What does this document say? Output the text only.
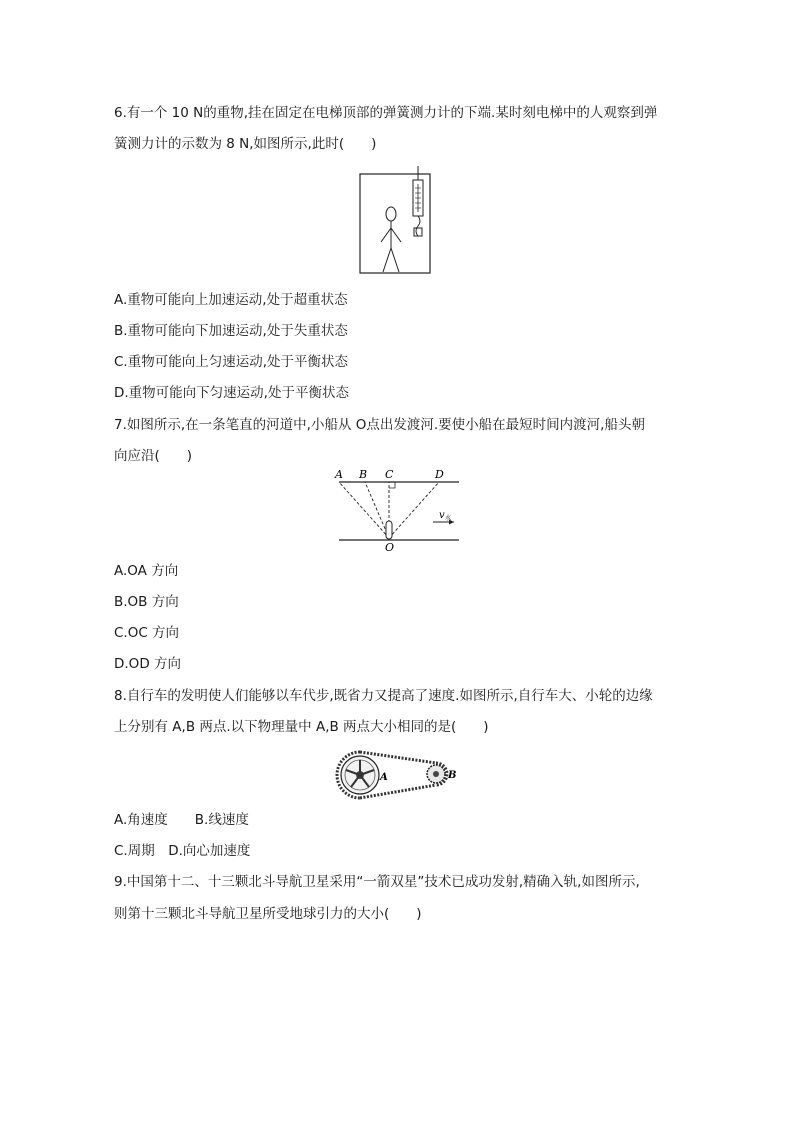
6.有一个 10 N的重物,挂在固定在电梯顶部的弹簧测力计的下端.某时刻电梯中的人观察到弹
簧测力计的示数为 8 N,如图所示,此时(　　)
A.重物可能向上加速运动,处于超重状态
B.重物可能向下加速运动,处于失重状态
C.重物可能向上匀速运动,处于平衡状态
D.重物可能向下匀速运动,处于平衡状态
7.如图所示,在一条笔直的河道中,小船从 O点出发渡河.要使小船在最短时间内渡河,船头朝
向应沿(　　)
A B C	D
O
v 水
A.OA 方向
B.OB 方向
C.OC 方向
D.OD 方向
8.自行车的发明使人们能够以车代步,既省力又提高了速度.如图所示,自行车大、小轮的边缘
上分别有 A,B 两点.以下物理量中 A,B 两点大小相同的是(　　)
A	B
A.角速度　　B.线速度
C.周期　D.向心加速度
9.中国第十二、十三颗北斗导航卫星采用“一箭双星”技术已成功发射,精确入轨,如图所示,
则第十三颗北斗导航卫星所受地球引力的大小(　　)
